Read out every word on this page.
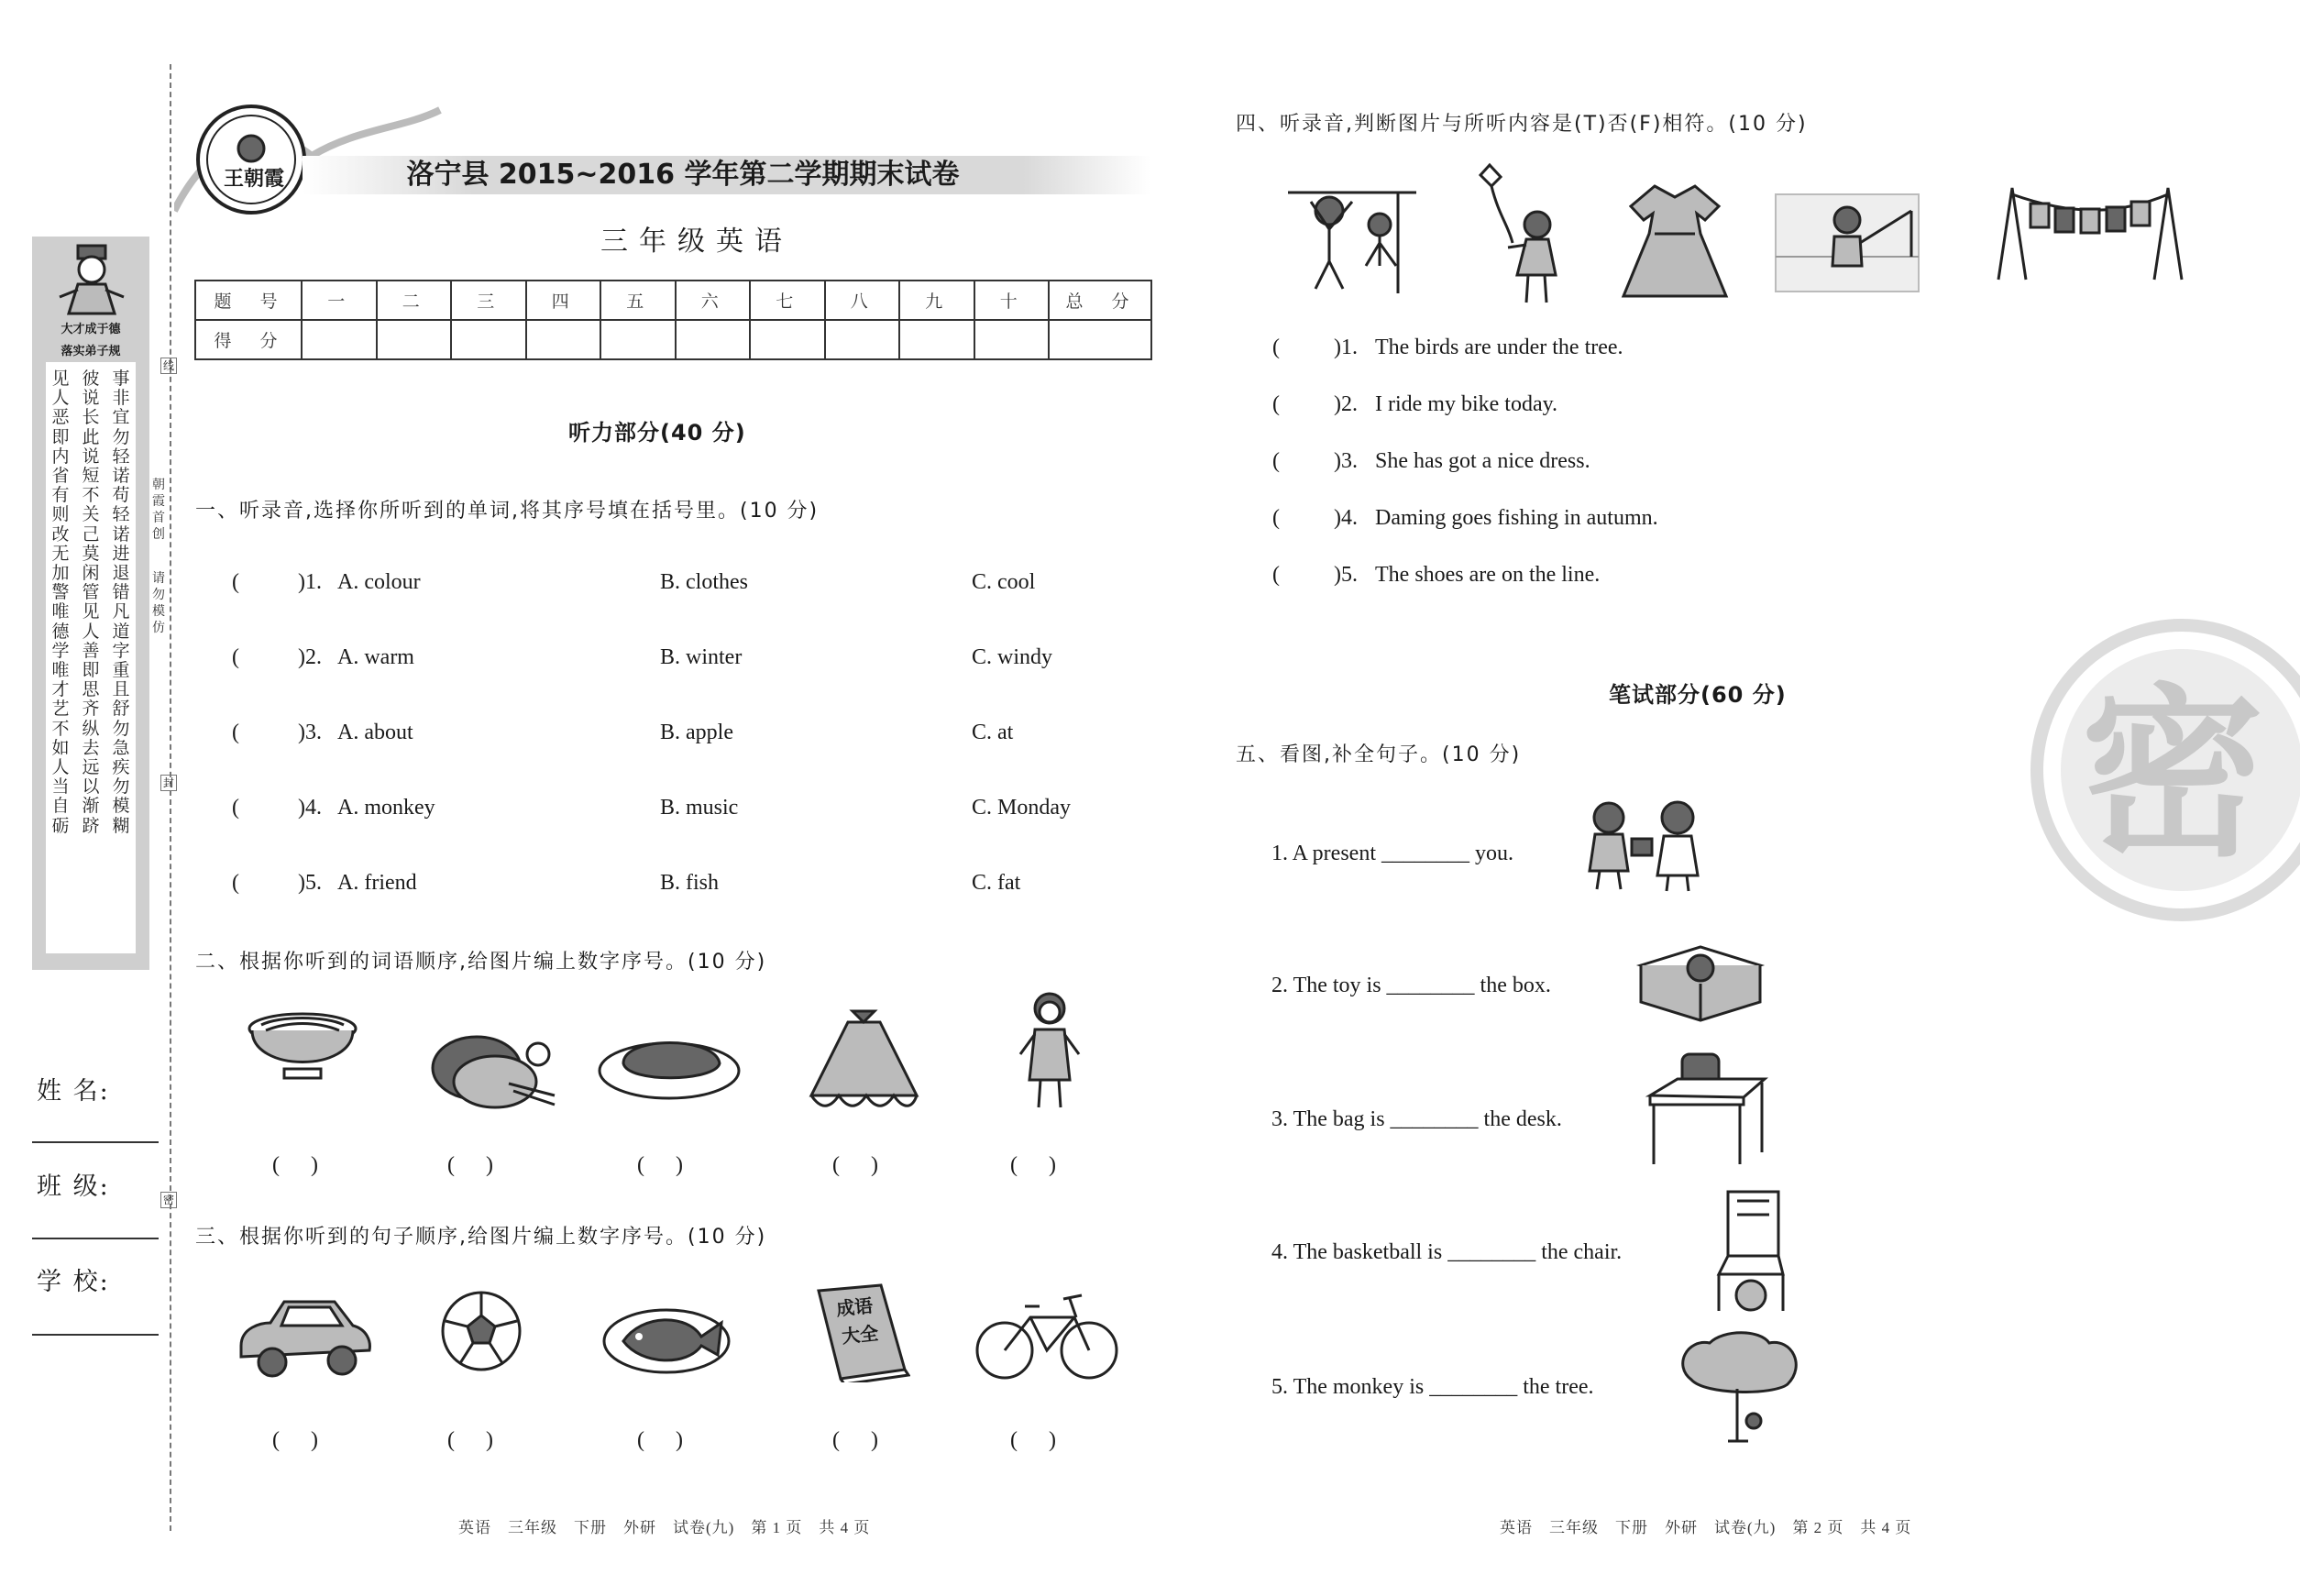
大才成于德
落实弟子规
见人恶即内省有则改无加警唯德学唯才艺不如人当自砺
彼说长此说短不关己莫闲管见人善即思齐纵去远以渐跻
事非宜勿轻诺苟轻诺进退错凡道字重且舒勿急疾勿模糊
朝霞首创
请勿模仿
线
封
密
姓 名:
班 级:
学 校:
王朝霞	洛宁县 2015~2016 学年第二学期期末试卷
三年级英语
题　号	一	二	三	四	五	六	七	八	九	十	总　分
得　分											
听力部分(40 分)
一、听录音,选择你所听到的单词,将其序号填在括号里。(10 分)
(	)1. A. colour	B. clothes	C. cool
(	)2. A. warm	B. winter	C. windy
(	)3. A. about	B. apple	C. at
(	)4. A. monkey	B. music	C. Monday
(	)5. A. friend	B. fish	C. fat
二、根据你听到的词语顺序,给图片编上数字序号。(10 分)
()	()	()	()	()
三、根据你听到的句子顺序,给图片编上数字序号。(10 分)
成语
大全
()	()	()	()	()
英语　三年级　下册　外研　试卷(九)　第 1 页　共 4 页
四、听录音,判断图片与所听内容是(T)否(F)相符。(10 分)
( )1. The birds are under the tree.
( )2. I ride my bike today.
( )3. She has got a nice dress.
( )4. Daming goes fishing in autumn.
( )5. The shoes are on the line.
笔试部分(60 分)
五、看图,补全句子。(10 分)
1. A present ________ you.
2. The toy is ________ the box.
3. The bag is ________ the desk.
4. The basketball is ________ the chair.
5. The monkey is ________ the tree.
密
英语　三年级　下册　外研　试卷(九)　第 2 页　共 4 页
